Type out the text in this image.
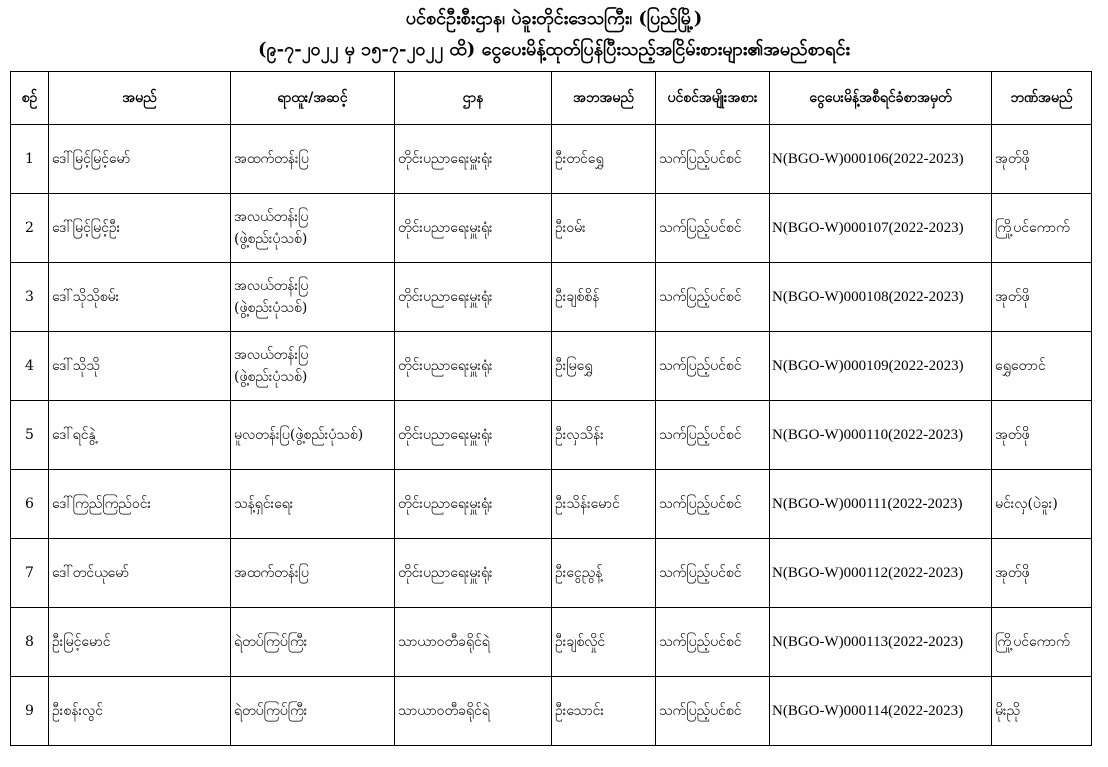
ပင်စင်ဦးစီးဌာန၊ ပဲခူးတိုင်းဒေသကြီး၊ (ပြည်မြို့)
(၉-၇-၂၀၂၂ မှ ၁၅-၇-၂၀၂၂ ထိ) ငွေပေးမိန့်ထုတ်ပြန်ပြီးသည့်အငြိမ်းစားများ၏အမည်စာရင်း
စဉ်	အမည်	ရာထူး/အဆင့်	ဌာန	အဘအမည်	ပင်စင်အမျိုးအစား	ငွေပေးမိန့်အစီရင်ခံစာအမှတ်	ဘဏ်အမည်
1	ဒေါ်မြင့်မြင့်မော်	အထက်တန်းပြ	တိုင်းပညာရေးမှူးရုံး	ဦးတင်ရွှေ	သက်ပြည့်ပင်စင်	N(BGO-W)000106(2022-2023)	အုတ်ဖို
2	ဒေါ်မြင့်မြင့်ဦး	အလယ်တန်းပြ
(ဖွဲ့စည်းပုံသစ်)	တိုင်းပညာရေးမှူးရုံး	ဦးဝမ်း	သက်ပြည့်ပင်စင်	N(BGO-W)000107(2022-2023)	ကြို့ပင်ကောက်
3	ဒေါ်သိုသိုစမ်း	အလယ်တန်းပြ
(ဖွဲ့စည်းပုံသစ်)	တိုင်းပညာရေးမှူးရုံး	ဦးချစ်စိန်	သက်ပြည့်ပင်စင်	N(BGO-W)000108(2022-2023)	အုတ်ဖို
4	ဒေါ်သိုသို	အလယ်တန်းပြ
(ဖွဲ့စည်းပုံသစ်)	တိုင်းပညာရေးမှူးရုံး	ဦးမြရွှေ	သက်ပြည့်ပင်စင်	N(BGO-W)000109(2022-2023)	ရွှေတောင်
5	ဒေါ်ရင်နွဲ့	မူလတန်းပြ(ဖွဲ့စည်းပုံသစ်)	တိုင်းပညာရေးမှူးရုံး	ဦးလှသိန်း	သက်ပြည့်ပင်စင်	N(BGO-W)000110(2022-2023)	အုတ်ဖို
6	ဒေါ်ကြည်ကြည်ဝင်း	သန့်ရှင်းရေး	တိုင်းပညာရေးမှူးရုံး	ဦးသိန်းမောင်	သက်ပြည့်ပင်စင်	N(BGO-W)000111(2022-2023)	မင်းလှ(ပဲခူး)
7	ဒေါ်တင်ယုမော်	အထက်တန်းပြ	တိုင်းပညာရေးမှူးရုံး	ဦးငွေညွန့်	သက်ပြည့်ပင်စင်	N(BGO-W)000112(2022-2023)	အုတ်ဖို
8	ဦးမြင့်မောင်	ရဲတပ်ကြပ်ကြီး	သာယာဝတီခရိုင်ရဲ	ဦးချစ်လှိုင်	သက်ပြည့်ပင်စင်	N(BGO-W)000113(2022-2023)	ကြို့ပင်ကောက်
9	ဦးစန်းလွင်	ရဲတပ်ကြပ်ကြီး	သာယာဝတီခရိုင်ရဲ	ဦးသောင်း	သက်ပြည့်ပင်စင်	N(BGO-W)000114(2022-2023)	မိုးညို
